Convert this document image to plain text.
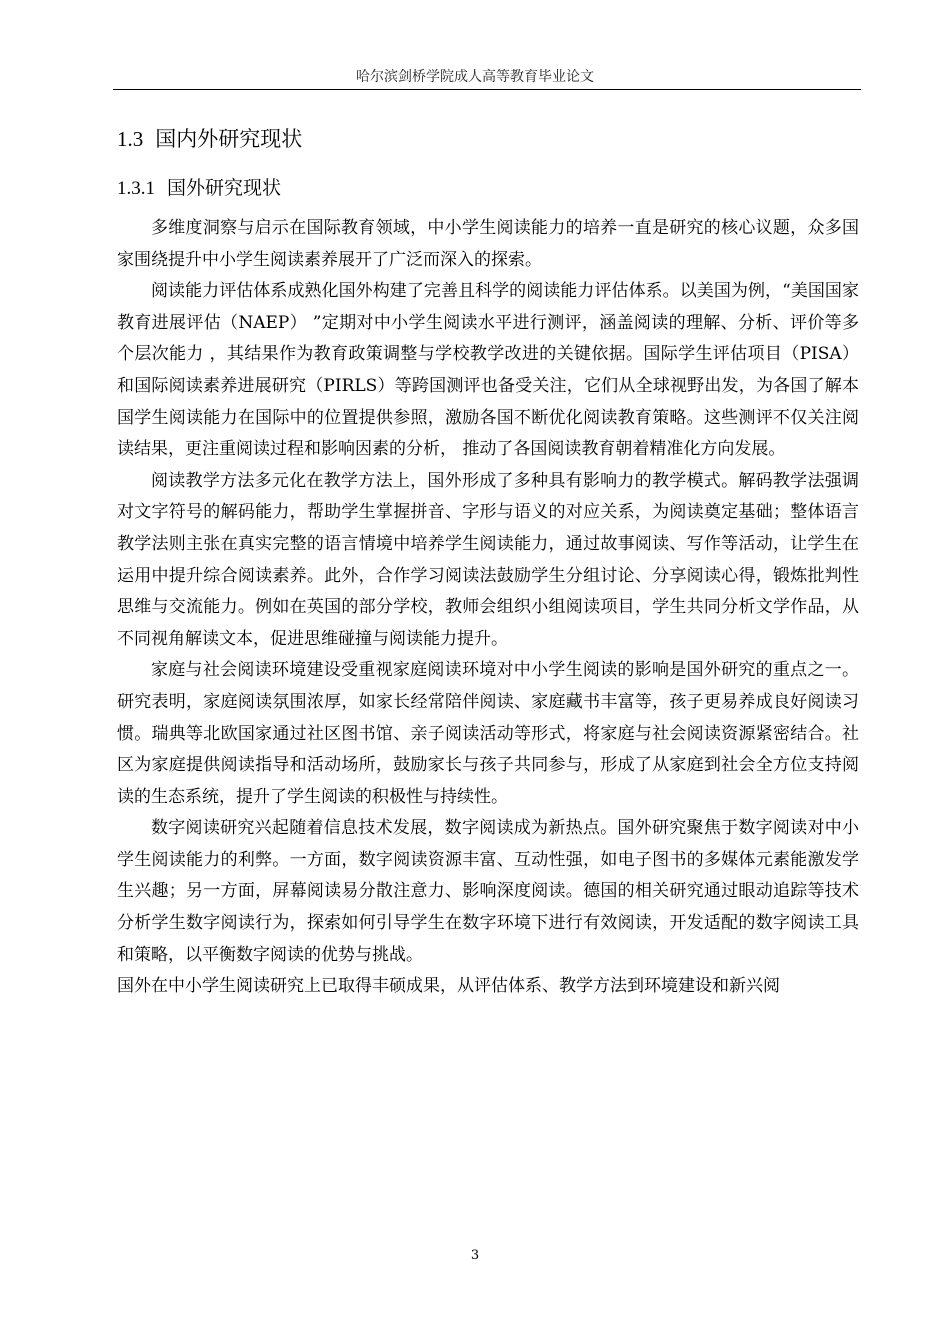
哈尔滨剑桥学院成人高等教育毕业论文
1.3 国内外研究现状
1.3.1 国外研究现状

多维度洞察与启示在国际教育领域，中小学生阅读能力的培养一直是研究的核心议题，众多国家围绕提升中小学生阅读素养展开了广泛而深入的探索。

阅读能力评估体系成熟化国外构建了完善且科学的阅读能力评估体系。以美国为例，“美国国家教育进展评估（NAEP） ”定期对中小学生阅读水平进行测评，涵盖阅读的理解、分析、评价等多个层次能力 ，其结果作为教育政策调整与学校教学改进的关键依据。国际学生评估项目（PISA）和国际阅读素养进展研究（PIRLS）等跨国测评也备受关注，它们从全球视野出发，为各国了解本国学生阅读能力在国际中的位置提供参照，激励各国不断优化阅读教育策略。这些测评不仅关注阅读结果，更注重阅读过程和影响因素的分析， 推动了各国阅读教育朝着精准化方向发展。

阅读教学方法多元化在教学方法上，国外形成了多种具有影响力的教学模式。解码教学法强调对文字符号的解码能力，帮助学生掌握拼音、字形与语义的对应关系，为阅读奠定基础；整体语言教学法则主张在真实完整的语言情境中培养学生阅读能力，通过故事阅读、写作等活动，让学生在运用中提升综合阅读素养。此外，合作学习阅读法鼓励学生分组讨论、分享阅读心得，锻炼批判性思维与交流能力。例如在英国的部分学校，教师会组织小组阅读项目，学生共同分析文学作品，从不同视角解读文本，促进思维碰撞与阅读能力提升。

家庭与社会阅读环境建设受重视家庭阅读环境对中小学生阅读的影响是国外研究的重点之一。研究表明，家庭阅读氛围浓厚，如家长经常陪伴阅读、家庭藏书丰富等，孩子更易养成良好阅读习惯。瑞典等北欧国家通过社区图书馆、亲子阅读活动等形式，将家庭与社会阅读资源紧密结合。社区为家庭提供阅读指导和活动场所，鼓励家长与孩子共同参与，形成了从家庭到社会全方位支持阅读的生态系统，提升了学生阅读的积极性与持续性。

数字阅读研究兴起随着信息技术发展，数字阅读成为新热点。国外研究聚焦于数字阅读对中小学生阅读能力的利弊。一方面，数字阅读资源丰富、互动性强，如电子图书的多媒体元素能激发学生兴趣；另一方面，屏幕阅读易分散注意力、影响深度阅读。德国的相关研究通过眼动追踪等技术分析学生数字阅读行为，探索如何引导学生在数字环境下进行有效阅读，开发适配的数字阅读工具和策略，以平衡数字阅读的优势与挑战。

国外在中小学生阅读研究上已取得丰硕成果，从评估体系、教学方法到环境建设和新兴阅

3
